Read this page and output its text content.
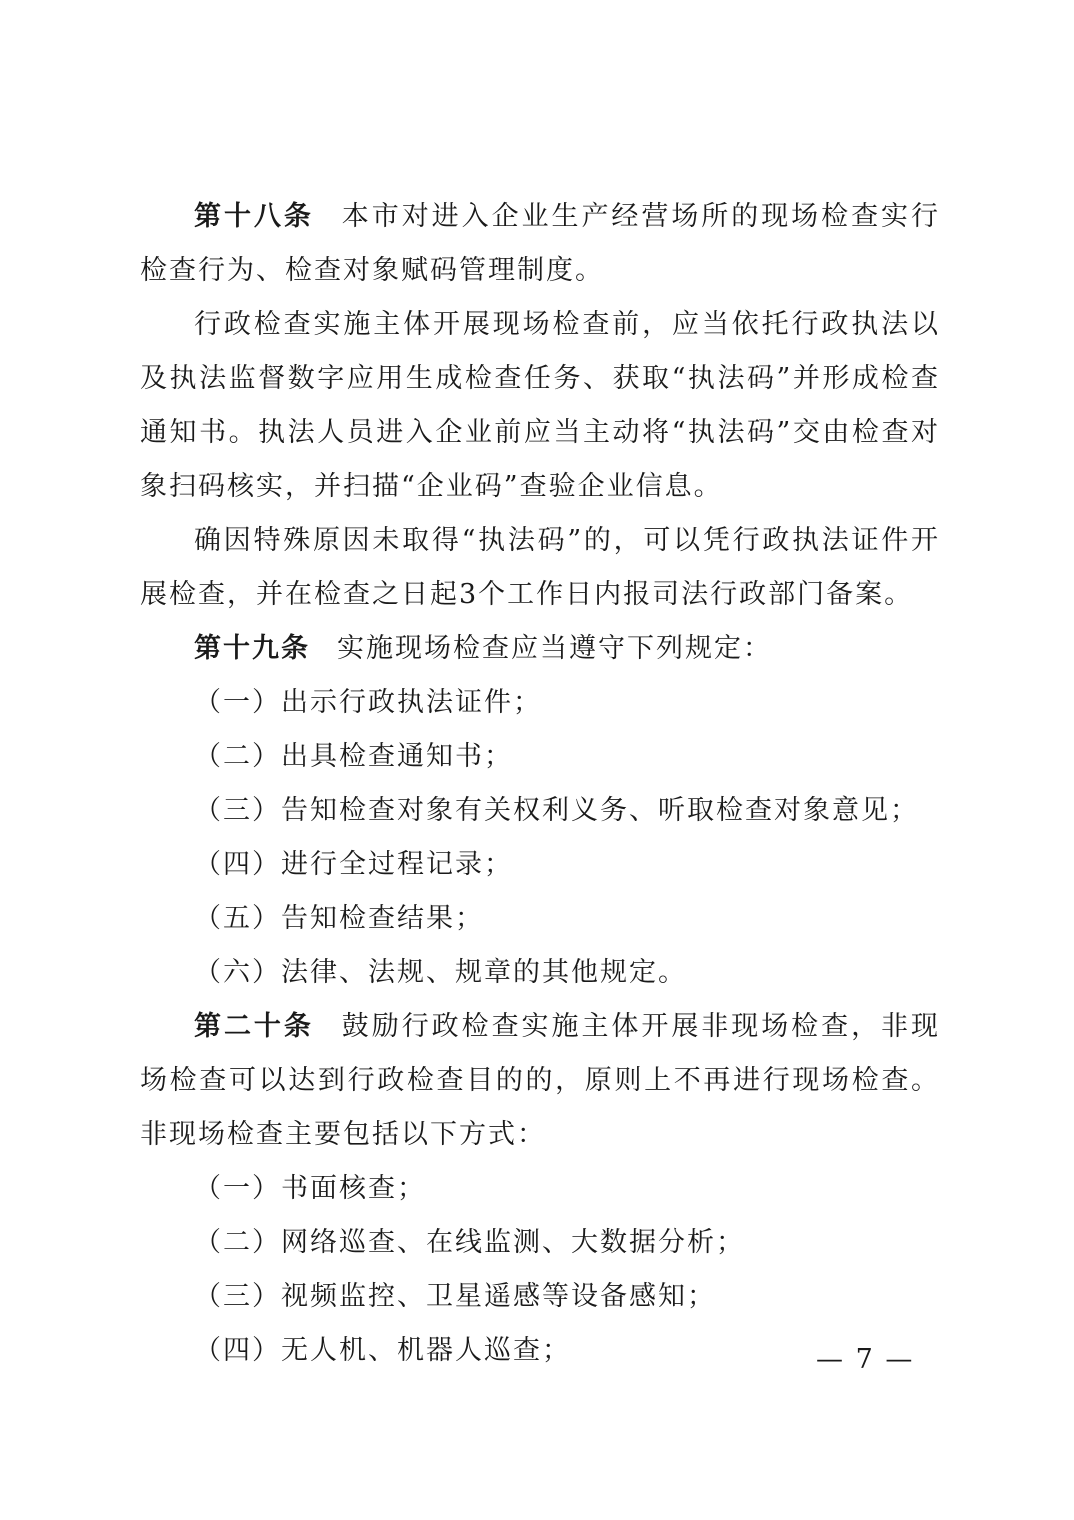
第十八条 本市对进入企业生产经营场所的现场检查实行检查行为、检查对象赋码管理制度。

行政检查实施主体开展现场检查前，应当依托行政执法以及执法监督数字应用生成检查任务、获取“执法码”并形成检查通知书。执法人员进入企业前应当主动将“执法码”交由检查对象扫码核实，并扫描“企业码”查验企业信息。

确因特殊原因未取得“执法码”的，可以凭行政执法证件开展检查，并在检查之日起3个工作日内报司法行政部门备案。

第十九条 实施现场检查应当遵守下列规定：

（一）出示行政执法证件；

（二）出具检查通知书；

（三）告知检查对象有关权利义务、听取检查对象意见；

（四）进行全过程记录；

（五）告知检查结果；

（六）法律、法规、规章的其他规定。

第二十条 鼓励行政检查实施主体开展非现场检查，非现场检查可以达到行政检查目的的，原则上不再进行现场检查。非现场检查主要包括以下方式：

（一）书面核查；

（二）网络巡查、在线监测、大数据分析；

（三）视频监控、卫星遥感等设备感知；

（四）无人机、机器人巡查；	— 7 —
